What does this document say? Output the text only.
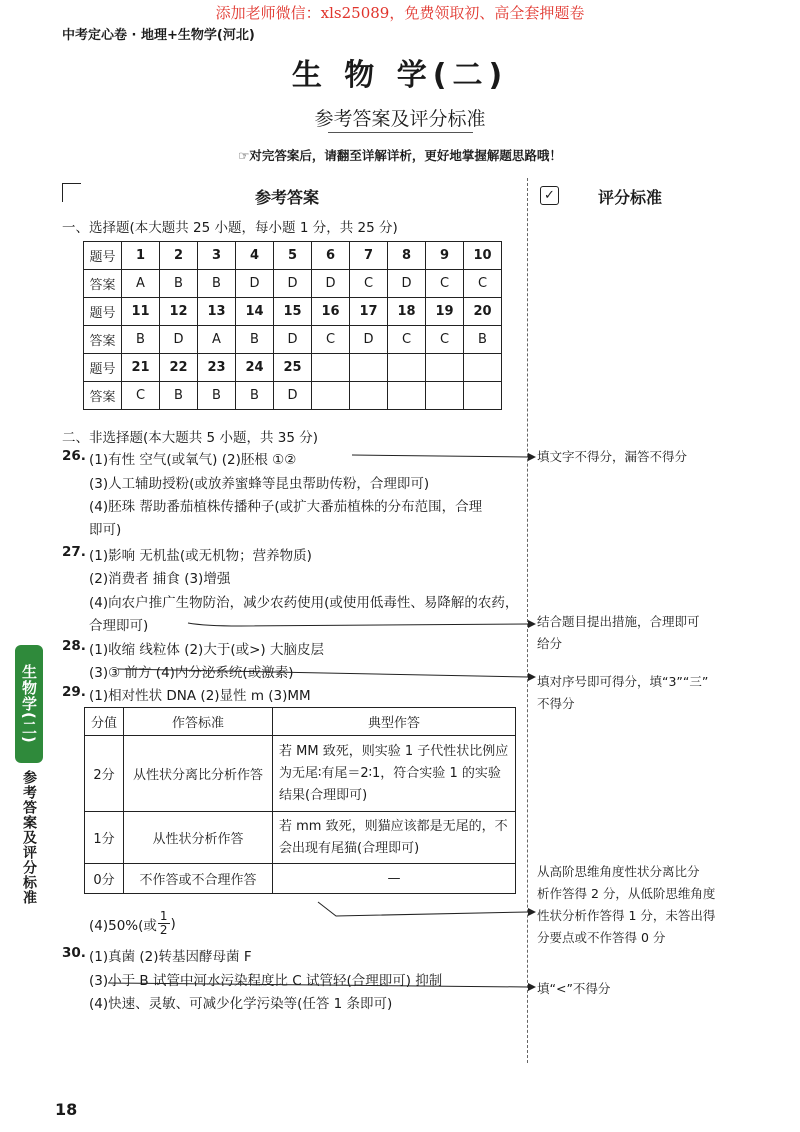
添加老师微信：xls25089，免费领取初、高全套押题卷
中考定心卷 · 地理+生物学(河北)
生 物 学(二)
参考答案及评分标准
☞对完答案后，请翻至详解详析，更好地掌握解题思路哦！
参考答案	✓	评分标准
生物学(二)
参考答案及评分标准
一、选择题(本大题共 25 小题，每小题 1 分，共 25 分)
题号	1	2	3	4	5	6	7	8	9	10
答案	A	B	B	D	D	D	C	D	C	C
题号	11	12	13	14	15	16	17	18	19	20
答案	B	D	A	B	D	C	D	C	C	B
题号	21	22	23	24	25					
答案	C	B	B	B	D					
二、非选择题(本大题共 5 小题，共 35 分)
26. (1)有性 空气(或氧气) (2)胚根 ①②
(3)人工辅助授粉(或放养蜜蜂等昆虫帮助传粉，合理即可)
(4)胚珠 帮助番茄植株传播种子(或扩大番茄植株的分布范围，合理
即可)
27. (1)影响 无机盐(或无机物；营养物质)
(2)消费者 捕食 (3)增强
(4)向农户推广生物防治，减少农药使用(或使用低毒性、易降解的农药，
合理即可)
28. (1)收缩 线粒体 (2)大于(或>) 大脑皮层
(3)③ 前方 (4)内分泌系统(或激素)
29. (1)相对性状 DNA (2)显性 m (3)MM
分值	作答标准	典型作答
2分	从性状分离比分析作答	若 MM 致死，则实验 1 子代性状比例应为无尾∶有尾＝2∶1，符合实验 1 的实验结果(合理即可)
1分	从性状分析作答	若 mm 致死，则猫应该都是无尾的，不会出现有尾猫(合理即可)
0分	不作答或不合理作答	—
(4)50%(或 $\frac{1}{2}$ )
30. (1)真菌 (2)转基因酵母菌 F
(3)小于 B 试管中河水污染程度比 C 试管轻(合理即可) 抑制
(4)快速、灵敏、可减少化学污染等(任答 1 条即可)
填文字不得分，漏答不得分
结合题目提出措施，合理即可
给分
填对序号即可得分，填“3”“三”
不得分
从高阶思维角度性状分离比分
析作答得 2 分，从低阶思维角度
性状分析作答得 1 分，未答出得
分要点或不作答得 0 分
填“<”不得分
18
